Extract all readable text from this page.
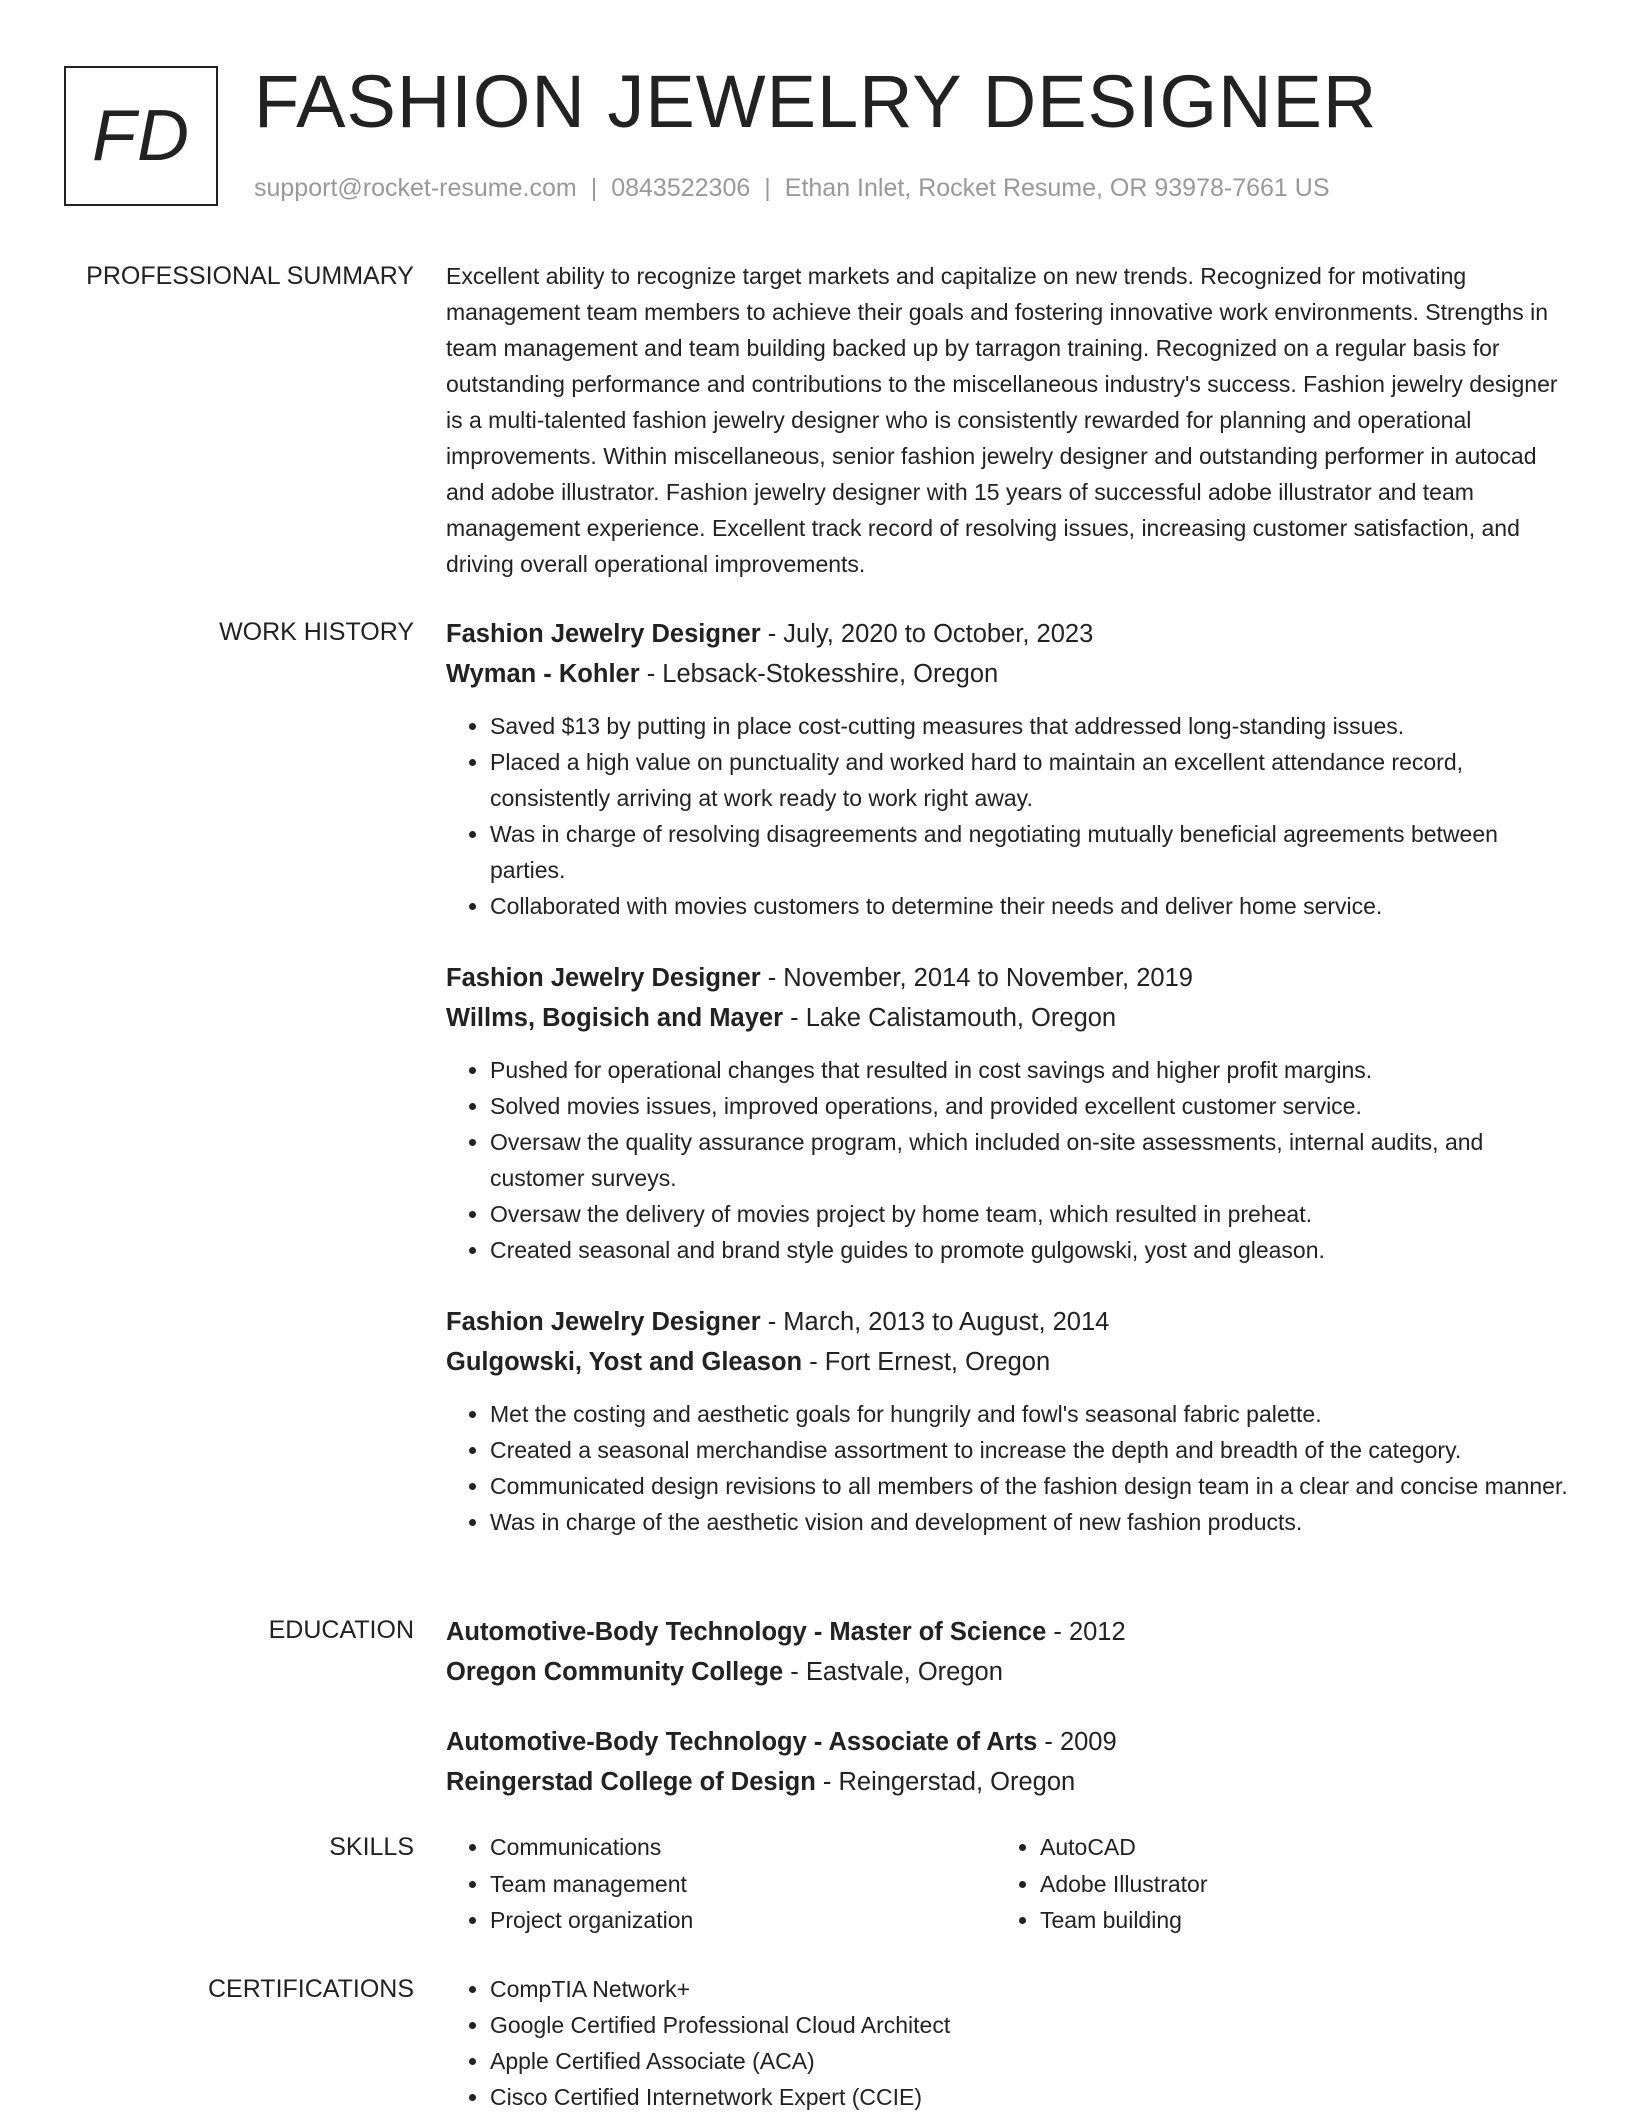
FD FASHION JEWELRY DESIGNER
support@rocket-resume.com | 0843522306 | Ethan Inlet, Rocket Resume, OR 93978-7661 US
PROFESSIONAL SUMMARY Excellent ability to recognize target markets and capitalize on new trends. Recognized for motivating management team members to achieve their goals and fostering innovative work environments. Strengths in team management and team building backed up by tarragon training. Recognized on a regular basis for outstanding performance and contributions to the miscellaneous industry's success. Fashion jewelry designer is a multi-talented fashion jewelry designer who is consistently rewarded for planning and operational improvements. Within miscellaneous, senior fashion jewelry designer and outstanding performer in autocad and adobe illustrator. Fashion jewelry designer with 15 years of successful adobe illustrator and team management experience. Excellent track record of resolving issues, increasing customer satisfaction, and driving overall operational improvements.

WORK HISTORY Fashion Jewelry Designer - July, 2020 to October, 2023
Wyman - Kohler - Lebsack-Stokesshire, Oregon
• Saved $13 by putting in place cost-cutting measures that addressed long-standing issues.
• Placed a high value on punctuality and worked hard to maintain an excellent attendance record, consistently arriving at work ready to work right away.
• Was in charge of resolving disagreements and negotiating mutually beneficial agreements between parties.
• Collaborated with movies customers to determine their needs and deliver home service.
Fashion Jewelry Designer - November, 2014 to November, 2019
Willms, Bogisich and Mayer - Lake Calistamouth, Oregon
• Pushed for operational changes that resulted in cost savings and higher profit margins.
• Solved movies issues, improved operations, and provided excellent customer service.
• Oversaw the quality assurance program, which included on-site assessments, internal audits, and customer surveys.
• Oversaw the delivery of movies project by home team, which resulted in preheat.
• Created seasonal and brand style guides to promote gulgowski, yost and gleason.
Fashion Jewelry Designer - March, 2013 to August, 2014
Gulgowski, Yost and Gleason - Fort Ernest, Oregon
• Met the costing and aesthetic goals for hungrily and fowl's seasonal fabric palette.
• Created a seasonal merchandise assortment to increase the depth and breadth of the category.
• Communicated design revisions to all members of the fashion design team in a clear and concise manner.
• Was in charge of the aesthetic vision and development of new fashion products.
EDUCATION Automotive-Body Technology - Master of Science - 2012
Oregon Community College - Eastvale, Oregon
Automotive-Body Technology - Associate of Arts - 2009
Reingerstad College of Design - Reingerstad, Oregon
SKILLS	• Communications
• Team management
• Project organization
• AutoCAD
• Adobe Illustrator
• Team building
CERTIFICATIONS	• CompTIA Network+
• Google Certified Professional Cloud Architect
• Apple Certified Associate (ACA)
• Cisco Certified Internetwork Expert (CCIE)
